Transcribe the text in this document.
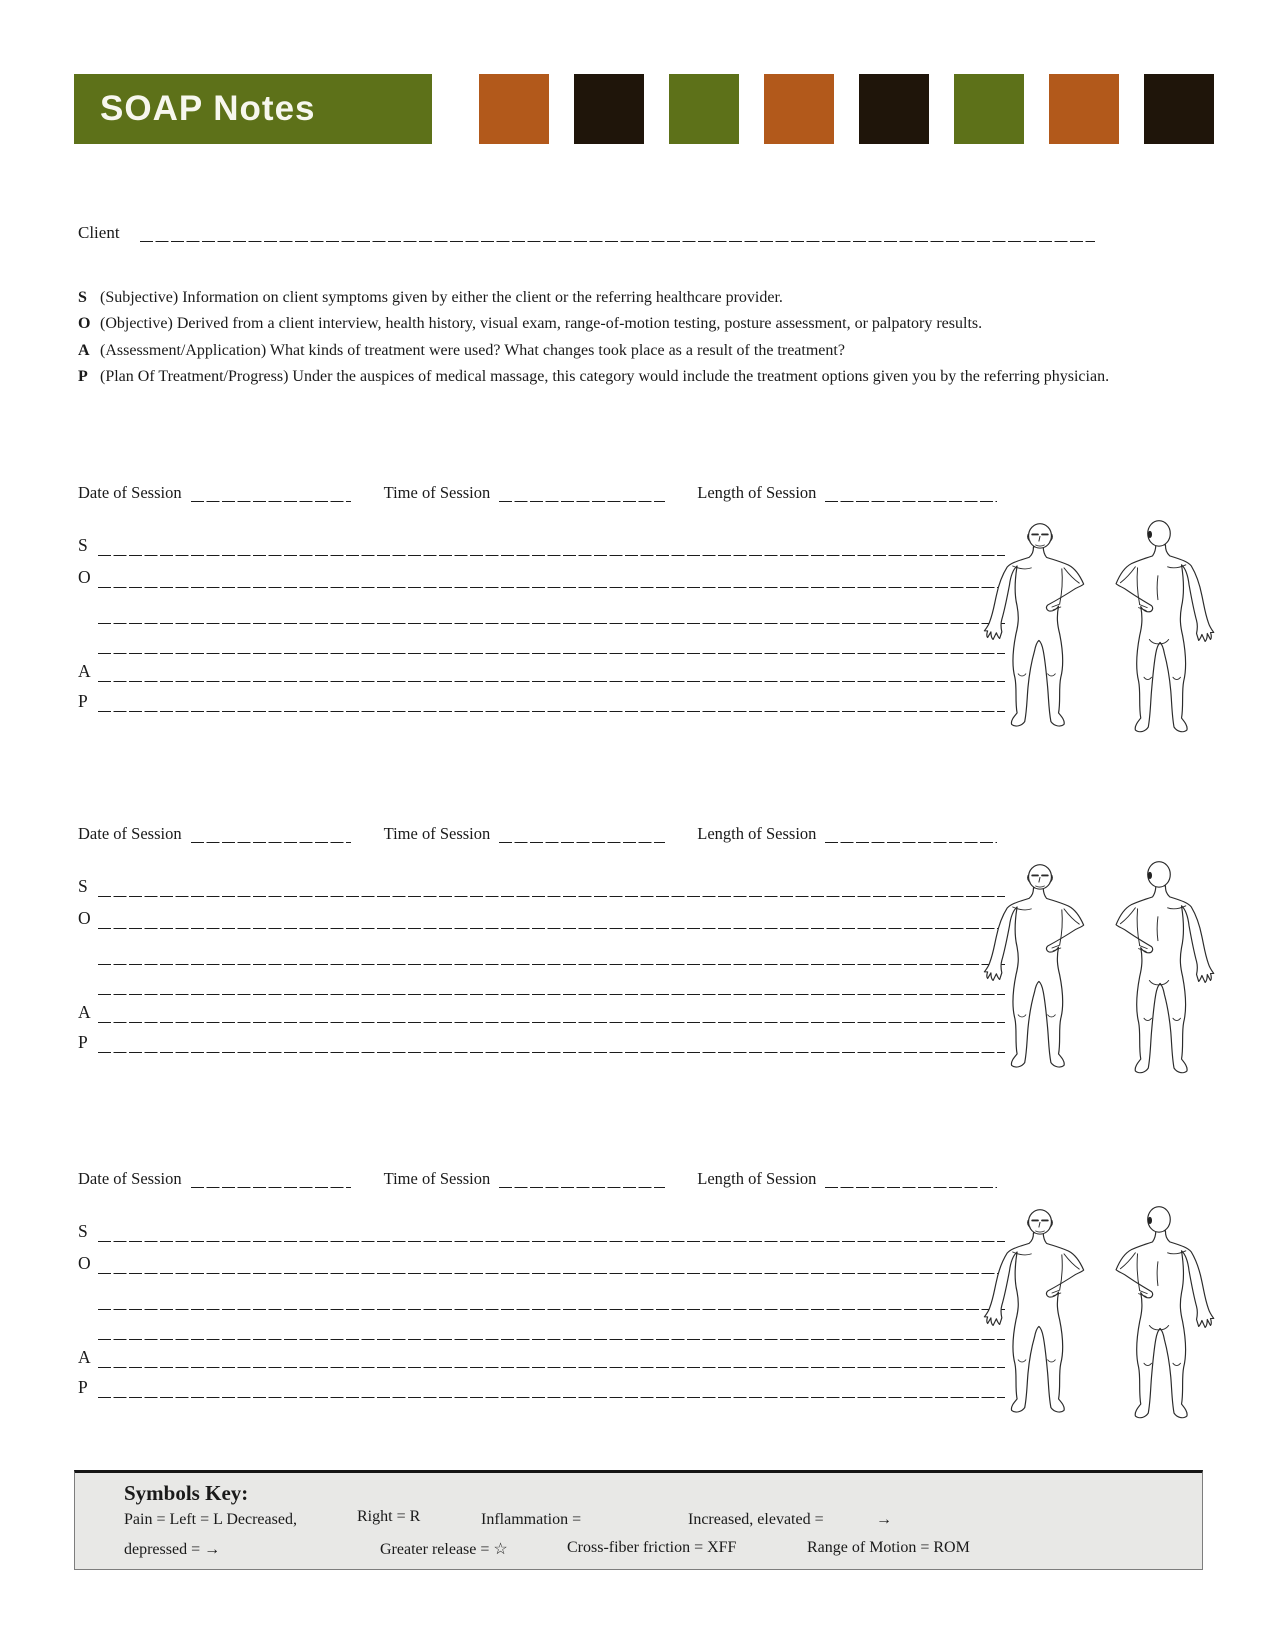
SOAP Notes
Client
S (Subjective) Information on client symptoms given by either the client or the referring healthcare provider.
O (Objective) Derived from a client interview, health history, visual exam, range-of-motion testing, posture assessment, or palpatory results.
A (Assessment/Application) What kinds of treatment were used? What changes took place as a result of the treatment?
P (Plan Of Treatment/Progress) Under the auspices of medical massage, this category would include the treatment options given you by the referring physician.
Date of Session	Time of Session	Length of Session
S
O
A
P
Date of Session	Time of Session	Length of Session
S
O
A
P
Date of Session	Time of Session	Length of Session
S
O
A
P
Symbols Key:
Pain = Left = L Decreased,	Right = R	Inflammation =	Increased, elevated =	→
depressed = →	Greater release = ☆	Cross-fiber friction = XFF	Range of Motion = ROM
